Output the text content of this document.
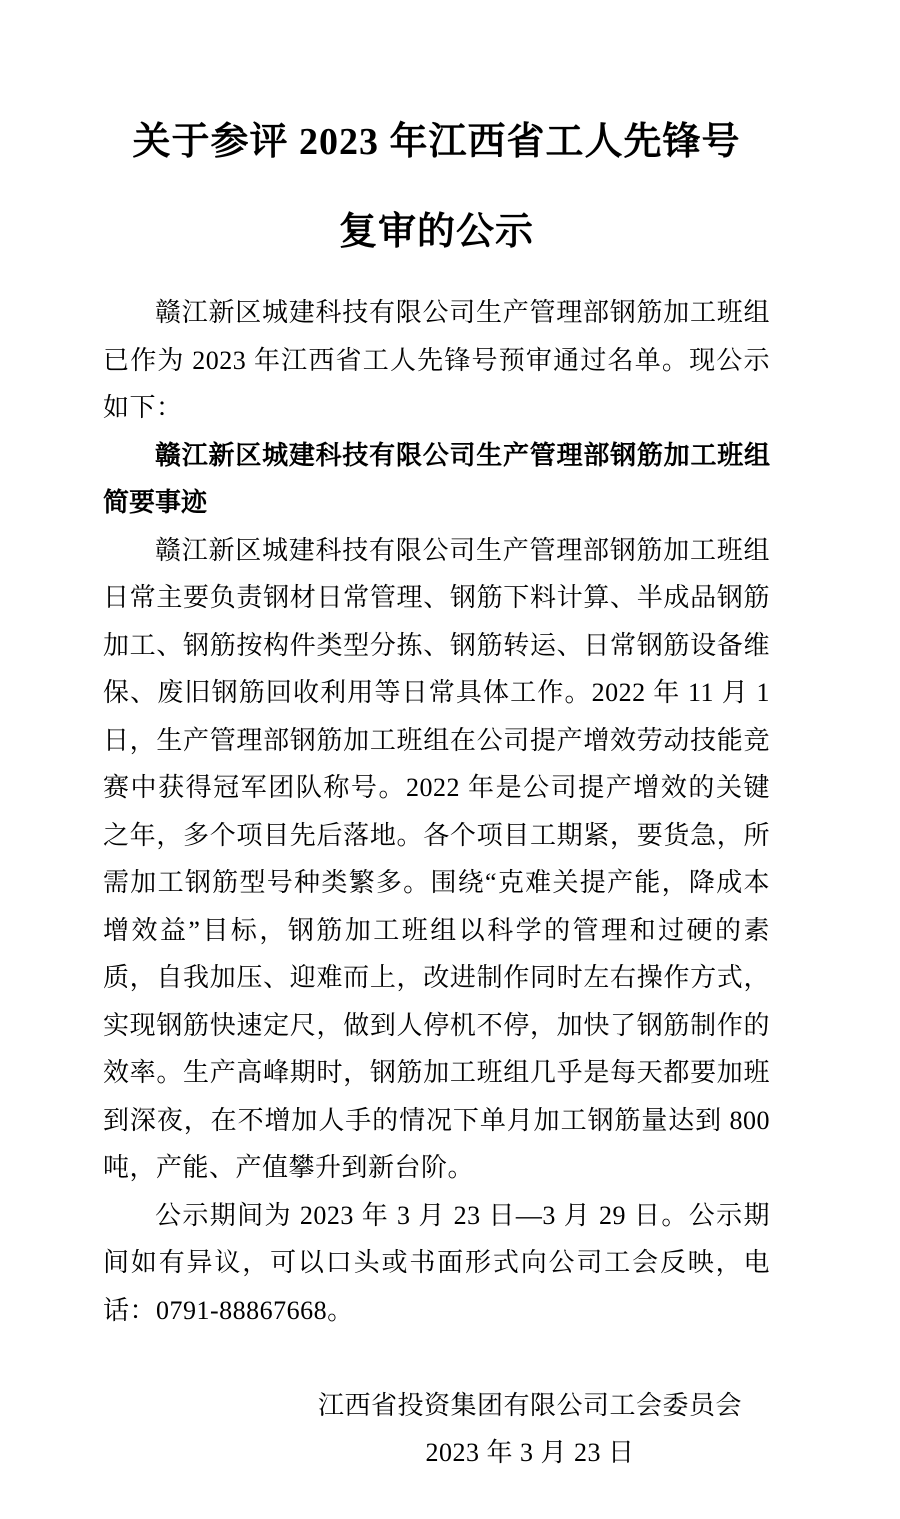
关于参评 2023 年江西省工人先锋号
复审的公示

赣江新区城建科技有限公司生产管理部钢筋加工班组已作为 2023 年江西省工人先锋号预审通过名单。现公示如下：

赣江新区城建科技有限公司生产管理部钢筋加工班组简要事迹

赣江新区城建科技有限公司生产管理部钢筋加工班组日常主要负责钢材日常管理、钢筋下料计算、半成品钢筋加工、钢筋按构件类型分拣、钢筋转运、日常钢筋设备维保、废旧钢筋回收利用等日常具体工作。2022 年 11 月 1 日，生产管理部钢筋加工班组在公司提产增效劳动技能竞赛中获得冠军团队称号。2022 年是公司提产增效的关键之年，多个项目先后落地。各个项目工期紧，要货急，所需加工钢筋型号种类繁多。围绕“克难关提产能，降成本增效益”目标，钢筋加工班组以科学的管理和过硬的素质，自我加压、迎难而上，改进制作同时左右操作方式，实现钢筋快速定尺，做到人停机不停，加快了钢筋制作的效率。生产高峰期时，钢筋加工班组几乎是每天都要加班到深夜，在不增加人手的情况下单月加工钢筋量达到 800 吨，产能、产值攀升到新台阶。

公示期间为 2023 年 3 月 23 日—3 月 29 日。公示期间如有异议，可以口头或书面形式向公司工会反映，电话：0791-88867668。

江西省投资集团有限公司工会委员会
2023 年 3 月 23 日
